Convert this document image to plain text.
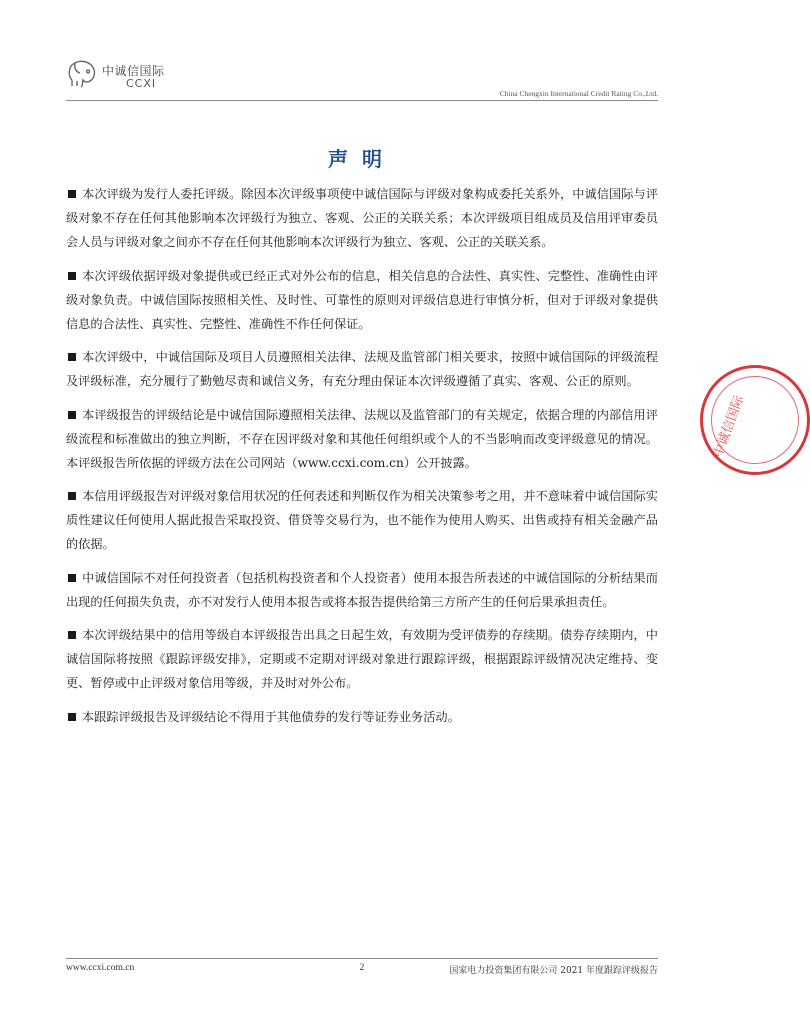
中诚信国际
CCXI
China Chengxin International Credit Rating Co.,Ltd.
声明

本次评级为发行人委托评级。除因本次评级事项使中诚信国际与评级对象构成委托关系外，中诚信国际与评级对象不存在任何其他影响本次评级行为独立、客观、公正的关联关系；本次评级项目组成员及信用评审委员会人员与评级对象之间亦不存在任何其他影响本次评级行为独立、客观、公正的关联关系。

本次评级依据评级对象提供或已经正式对外公布的信息，相关信息的合法性、真实性、完整性、准确性由评级对象负责。中诚信国际按照相关性、及时性、可靠性的原则对评级信息进行审慎分析，但对于评级对象提供信息的合法性、真实性、完整性、准确性不作任何保证。

本次评级中，中诚信国际及项目人员遵照相关法律、法规及监管部门相关要求，按照中诚信国际的评级流程及评级标准，充分履行了勤勉尽责和诚信义务，有充分理由保证本次评级遵循了真实、客观、公正的原则。

本评级报告的评级结论是中诚信国际遵照相关法律、法规以及监管部门的有关规定，依据合理的内部信用评级流程和标准做出的独立判断，不存在因评级对象和其他任何组织或个人的不当影响而改变评级意见的情况。本评级报告所依据的评级方法在公司网站（www.ccxi.com.cn）公开披露。

本信用评级报告对评级对象信用状况的任何表述和判断仅作为相关决策参考之用，并不意味着中诚信国际实质性建议任何使用人据此报告采取投资、借贷等交易行为，也不能作为使用人购买、出售或持有相关金融产品的依据。

中诚信国际不对任何投资者（包括机构投资者和个人投资者）使用本报告所表述的中诚信国际的分析结果而出现的任何损失负责，亦不对发行人使用本报告或将本报告提供给第三方所产生的任何后果承担责任。

本次评级结果中的信用等级自本评级报告出具之日起生效，有效期为受评债券的存续期。债券存续期内，中诚信国际将按照《跟踪评级安排》，定期或不定期对评级对象进行跟踪评级，根据跟踪评级情况决定维持、变更、暂停或中止评级对象信用等级，并及时对外公布。

本跟踪评级报告及评级结论不得用于其他债券的发行等证券业务活动。

中诚信国际
www.ccxi.com.cn	2	国家电力投资集团有限公司 2021 年度跟踪评级报告
